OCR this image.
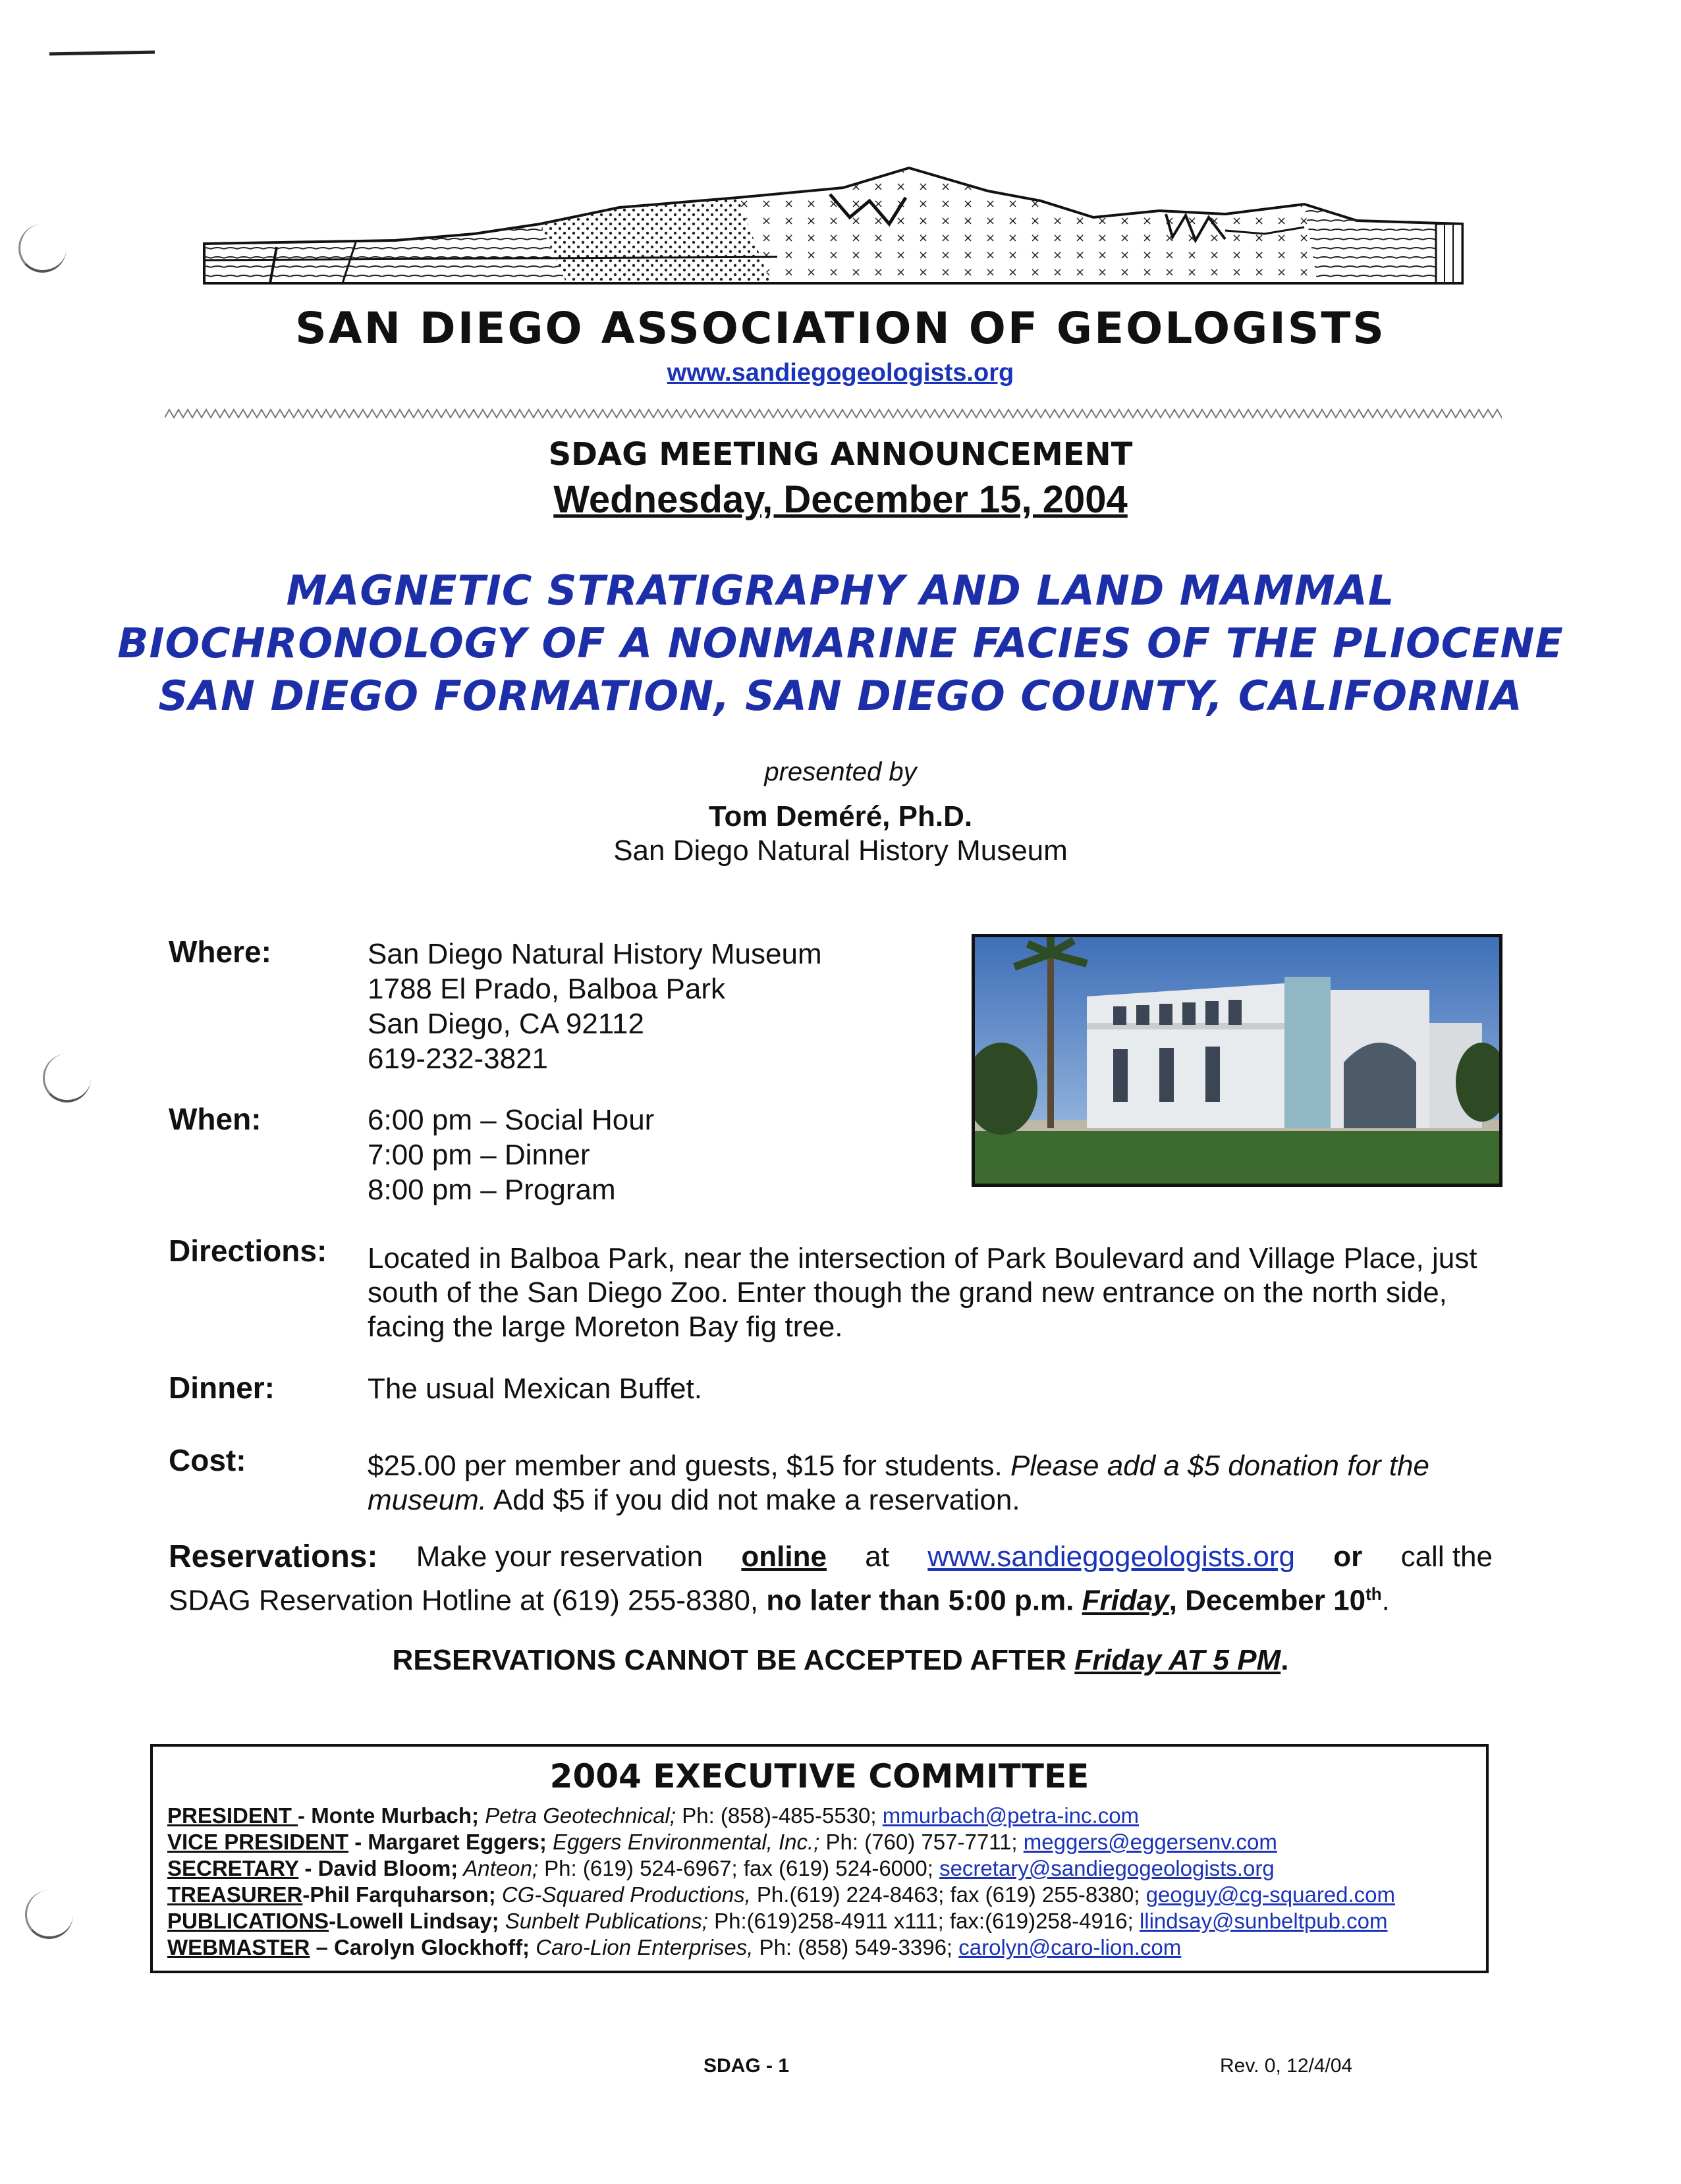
SAN DIEGO ASSOCIATION OF GEOLOGISTS
www.sandiegogeologists.org
SDAG MEETING ANNOUNCEMENT
Wednesday, December 15, 2004
MAGNETIC STRATIGRAPHY AND LAND MAMMAL
BIOCHRONOLOGY OF A NONMARINE FACIES OF THE PLIOCENE
SAN DIEGO FORMATION, SAN DIEGO COUNTY, CALIFORNIA
presented by
Tom Deméré, Ph.D.
San Diego Natural History Museum
Where:	San Diego Natural History Museum
1788 El Prado, Balboa Park
San Diego, CA 92112
619-232-3821
When:	6:00 pm – Social Hour
7:00 pm – Dinner
8:00 pm – Program
Directions: Located in Balboa Park, near the intersection of Park Boulevard and Village Place, just south of the San Diego Zoo. Enter though the grand new entrance on the north side, facing the large Moreton Bay fig tree.
Dinner:	The usual Mexican Buffet.
Cost:	$25.00 per member and guests, $15 for students. Please add a $5 donation for the museum. Add $5 if you did not make a reservation.
Reservations: Make your reservation online at www.sandiegogeologists.org or call the
SDAG Reservation Hotline at (619) 255-8380, no later than 5:00 p.m. Friday, December 10th.
RESERVATIONS CANNOT BE ACCEPTED AFTER Friday AT 5 PM.
2004 EXECUTIVE COMMITTEE
PRESIDENT - Monte Murbach; Petra Geotechnical; Ph: (858)-485-5530; mmurbach@petra-inc.com
VICE PRESIDENT - Margaret Eggers; Eggers Environmental, Inc.; Ph: (760) 757-7711; meggers@eggersenv.com
SECRETARY - David Bloom; Anteon; Ph: (619) 524-6967; fax (619) 524-6000; secretary@sandiegogeologists.org
TREASURER-Phil Farquharson; CG-Squared Productions, Ph.(619) 224-8463; fax (619) 255-8380; geoguy@cg-squared.com
PUBLICATIONS-Lowell Lindsay; Sunbelt Publications; Ph:(619)258-4911 x111; fax:(619)258-4916; llindsay@sunbeltpub.com
WEBMASTER – Carolyn Glockhoff; Caro-Lion Enterprises, Ph: (858) 549-3396; carolyn@caro-lion.com
SDAG - 1	Rev. 0, 12/4/04
